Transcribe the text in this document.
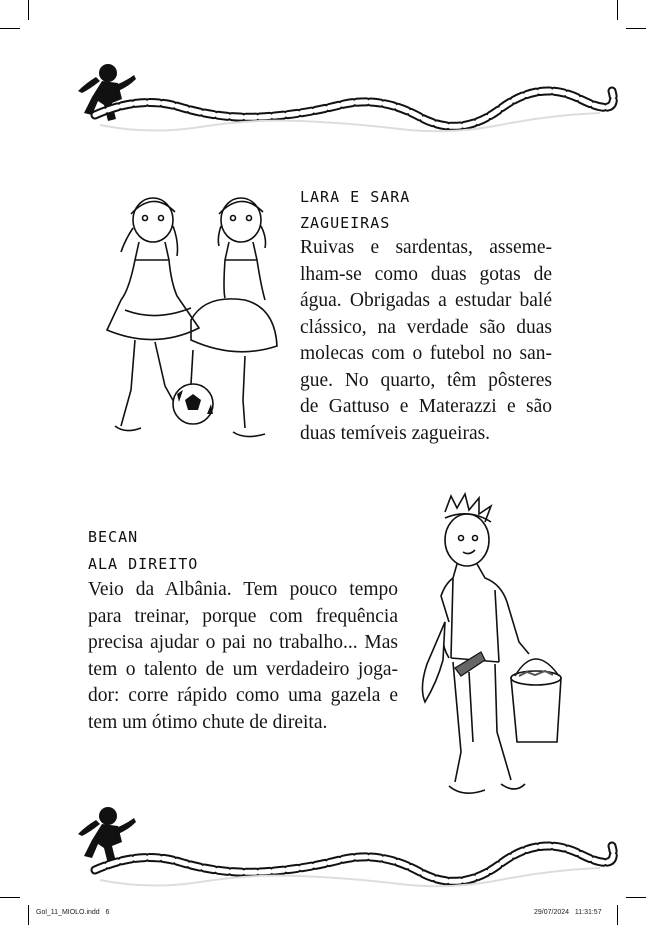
LARA E SARA
ZAGUEIRAS
Ruivas e sardentas, asseme-
lham-se como duas gotas de
água. Obrigadas a estudar balé
clássico, na verdade são duas
molecas com o futebol no san-
gue. No quarto, têm pôsteres
de Gattuso e Materazzi e são
duas temíveis zagueiras.
BECAN
ALA DIREITO
Veio da Albânia. Tem pouco tempo
para treinar, porque com frequência
precisa ajudar o pai no trabalho... Mas
tem o talento de um verdadeiro joga-
dor: corre rápido como uma gazela e
tem um ótimo chute de direita.
Gol_11_MIOLO.indd   6	29/07/2024   11:31:57
